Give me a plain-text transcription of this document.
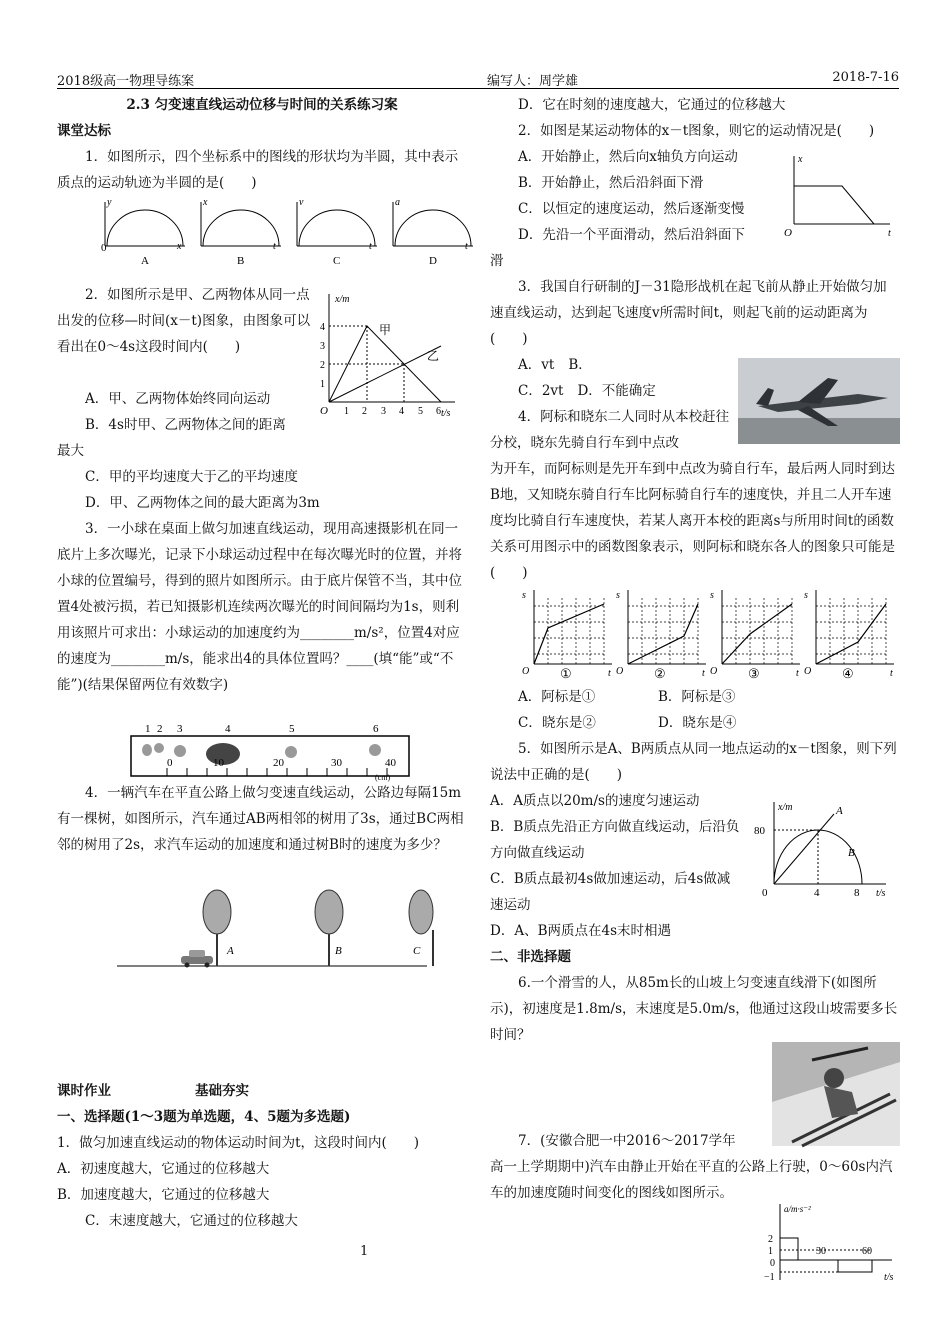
2018级高一物理导练案	编写人：周学雄	2018-7-16

2.3 匀变速直线运动位移与时间的关系练习案

课堂达标

1．如图所示，四个坐标系中的图线的形状均为半圆，其中表示质点的运动轨迹为半圆的是(　　)

0
y
x
A
x
t
B
v
t
C
a
t
D

2．如图所示是甲、乙两物体从同一点出发的位移—时间(x－t)图象，由图象可以看出在0～4s这段时间内(　　)

A．甲、乙两物体始终同向运动

B．4s时甲、乙两物体之间的距离最大

C．甲的平均速度大于乙的平均速度

D．甲、乙两物体之间的最大距离为3m

x/m
t/s
O
1
2
3
4
1 2 3 4 5 6
甲
乙

3．一小球在桌面上做匀加速直线运动，现用高速摄影机在同一底片上多次曝光，记录下小球运动过程中在每次曝光时的位置，并将小球的位置编号，得到的照片如图所示。由于底片保管不当，其中位置4处被污损，若已知摄影机连续两次曝光的时间间隔均为1s，则利用该照片可求出：小球运动的加速度约为________m/s²，位置4对应的速度为________m/s，能求出4的具体位置吗？____(填“能”或“不能”)(结果保留两位有效数字)

1 2 3	4	5	6
0	10	20	30	40
(cm)

4．一辆汽车在平直公路上做匀变速直线运动，公路边每隔15m有一棵树，如图所示，汽车通过AB两相邻的树用了3s，通过BC两相邻的树用了2s，求汽车运动的加速度和通过树B时的速度为多少？

A	B	C

课时作业	基础夯实

一、选择题(1～3题为单选题，4、5题为多选题)

1．做匀加速直线运动的物体运动时间为t，这段时间内(　　)

A．初速度越大，它通过的位移越大

B．加速度越大，它通过的位移越大

C．末速度越大，它通过的位移越大

D．它在时刻的速度越大，它通过的位移越大

2．如图是某运动物体的x－t图象，则它的运动情况是(　　)

A．开始静止，然后向x轴负方向运动

B．开始静止，然后沿斜面下滑

C．以恒定的速度运动，然后逐渐变慢

D．先沿一个平面滑动，然后沿斜面下

滑

x
t
O

3．我国自行研制的J－31隐形战机在起飞前从静止开始做匀加速直线运动，达到起飞速度v所需时间t，则起飞前的运动距离为(　　)

A．vt B．
C．2vt D．不能确定

4．阿标和晓东二人同时从本校赶往分校，晓东先骑自行车到中点改

为开车，而阿标则是先开车到中点改为骑自行车，最后两人同时到达B地，又知晓东骑自行车比阿标骑自行车的速度快，并且二人开车速度均比骑自行车速度快，若某人离开本校的距离s与所用时间t的函数关系可用图示中的函数图象表示，则阿标和晓东各人的图象只可能是(　　)

s
t
O ①
s
t
O ②
s
t
O ③
s
t
O ④
A．阿标是①	B．阿标是③
C．晓东是②	D．晓东是④

5．如图所示是A、B两质点从同一地点运动的x－t图象，则下列说法中正确的是(　　)

A．A质点以20m/s的速度匀速运动

B．B质点先沿正方向做直线运动，后沿负方向做直线运动

C．B质点最初4s做加速运动，后4s做减速运动

D．A、B两质点在4s末时相遇

二、非选择题

6.一个滑雪的人，从85m长的山坡上匀变速直线滑下(如图所示)，初速度是1.8m/s，末速度是5.0m/s，他通过这段山坡需要多长时间？

x/m
t/s
0
80
4	8
A
B

7．(安徽合肥一中2016～2017学年

高一上学期期中)汽车由静止开始在平直的公路上行驶，0～60s内汽车的加速度随时间变化的图线如图所示。

a/m·s⁻²
t/s
2
1
−1
0
30	60
1
